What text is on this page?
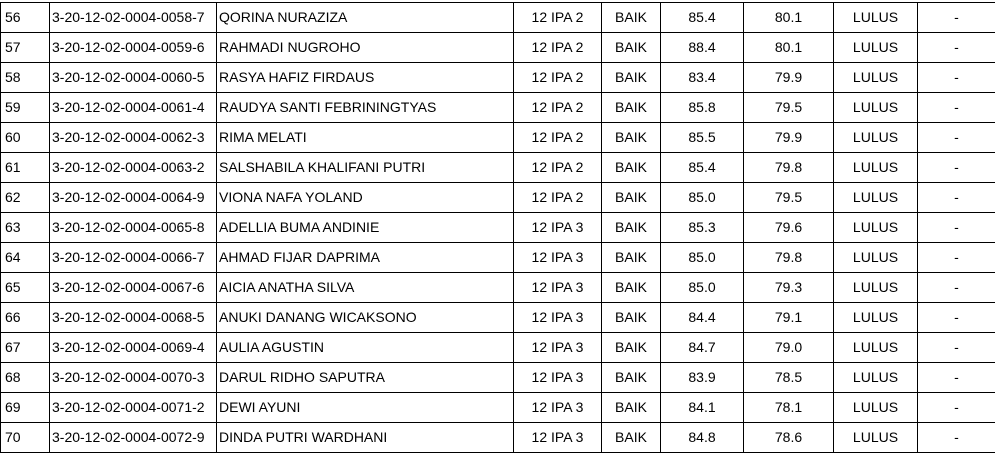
56	3-20-12-02-0004-0058-7	QORINA NURAZIZA	12 IPA 2	BAIK	85.4	80.1	LULUS	-
57	3-20-12-02-0004-0059-6	RAHMADI NUGROHO	12 IPA 2	BAIK	88.4	80.1	LULUS	-
58	3-20-12-02-0004-0060-5	RASYA HAFIZ FIRDAUS	12 IPA 2	BAIK	83.4	79.9	LULUS	-
59	3-20-12-02-0004-0061-4	RAUDYA SANTI FEBRININGTYAS	12 IPA 2	BAIK	85.8	79.5	LULUS	-
60	3-20-12-02-0004-0062-3	RIMA MELATI	12 IPA 2	BAIK	85.5	79.9	LULUS	-
61	3-20-12-02-0004-0063-2	SALSHABILA KHALIFANI PUTRI	12 IPA 2	BAIK	85.4	79.8	LULUS	-
62	3-20-12-02-0004-0064-9	VIONA NAFA YOLAND	12 IPA 2	BAIK	85.0	79.5	LULUS	-
63	3-20-12-02-0004-0065-8	ADELLIA BUMA ANDINIE	12 IPA 3	BAIK	85.3	79.6	LULUS	-
64	3-20-12-02-0004-0066-7	AHMAD FIJAR DAPRIMA	12 IPA 3	BAIK	85.0	79.8	LULUS	-
65	3-20-12-02-0004-0067-6	AICIA ANATHA SILVA	12 IPA 3	BAIK	85.0	79.3	LULUS	-
66	3-20-12-02-0004-0068-5	ANUKI DANANG WICAKSONO	12 IPA 3	BAIK	84.4	79.1	LULUS	-
67	3-20-12-02-0004-0069-4	AULIA AGUSTIN	12 IPA 3	BAIK	84.7	79.0	LULUS	-
68	3-20-12-02-0004-0070-3	DARUL RIDHO SAPUTRA	12 IPA 3	BAIK	83.9	78.5	LULUS	-
69	3-20-12-02-0004-0071-2	DEWI AYUNI	12 IPA 3	BAIK	84.1	78.1	LULUS	-
70	3-20-12-02-0004-0072-9	DINDA PUTRI WARDHANI	12 IPA 3	BAIK	84.8	78.6	LULUS	-
